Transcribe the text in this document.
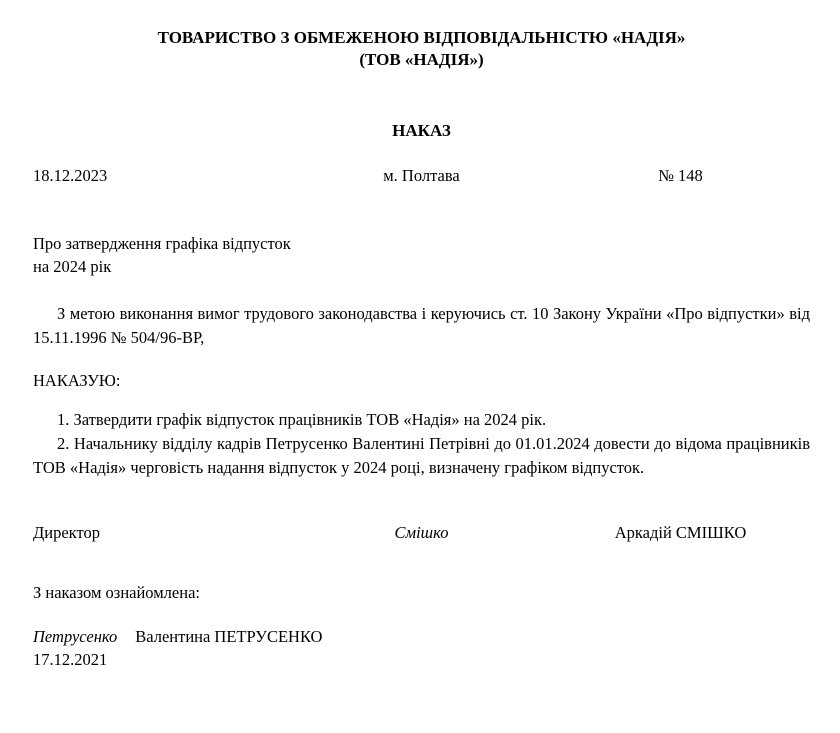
ТОВАРИСТВО З ОБМЕЖЕНОЮ ВІДПОВІДАЛЬНІСТЮ «НАДІЯ»
(ТОВ «НАДІЯ»)
НАКАЗ
18.12.2023	м. Полтава	№ 148
Про затвердження графіка відпусток
на 2024 рік

З метою виконання вимог трудового законодавства і керуючись ст. 10 Закону України «Про відпустки» від 15.11.1996 № 504/96-ВР,

НАКАЗУЮ:

1. Затвердити графік відпусток працівників ТОВ «Надія» на 2024 рік.

2. Начальнику відділу кадрів Петрусенко Валентині Петрівні до 01.01.2024 довести до відома працівників ТОВ «Надія» черговість надання відпусток у 2024 році, визначену графіком відпусток.

Директор	Смішко	Аркадій СМІШКО
З наказом ознайомлена:
Петрусенко Валентина ПЕТРУСЕНКО
17.12.2021
